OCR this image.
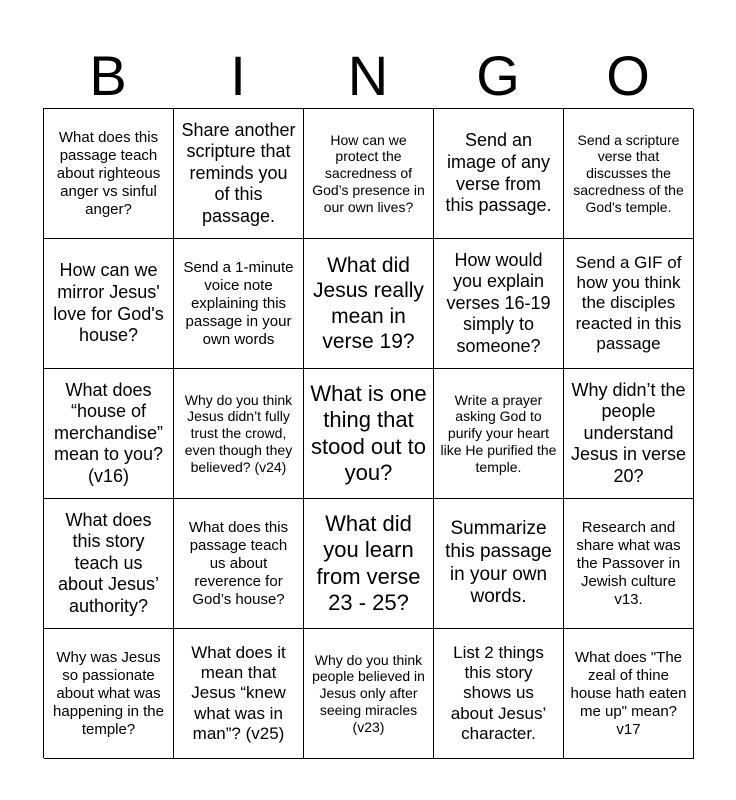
B	I	N	G	O
What does this passage teach about righteous anger vs sinful anger?
Share another scripture that reminds you of this passage.
How can we protect the sacredness of God’s presence in our own lives?
Send an image of any verse from this passage.
Send a scripture verse that discusses the sacredness of the God's temple.
How can we mirror Jesus' love for God's house?
Send a 1-minute voice note explaining this passage in your own words
What did Jesus really mean in verse 19?
How would you explain verses 16-19 simply to someone?
Send a GIF of how you think the disciples reacted in this passage
What does “house of merchandise” mean to you? (v16)
Why do you think Jesus didn’t fully trust the crowd, even though they believed? (v24)
What is one thing that stood out to you?
Write a prayer asking God to purify your heart like He purified the temple.
Why didn’t the people understand Jesus in verse 20?
What does this story teach us about Jesus’ authority?
What does this passage teach us about reverence for God’s house?
What did you learn from verse 23 - 25?
Summarize this passage in your own words.
Research and share what was the Passover in Jewish culture v13.
Why was Jesus so passionate about what was happening in the temple?
What does it mean that Jesus “knew what was in man”? (v25)
Why do you think people believed in Jesus only after seeing miracles (v23)
List 2 things this story shows us about Jesus’ character.
What does "The zeal of thine house hath eaten me up" mean? v17
